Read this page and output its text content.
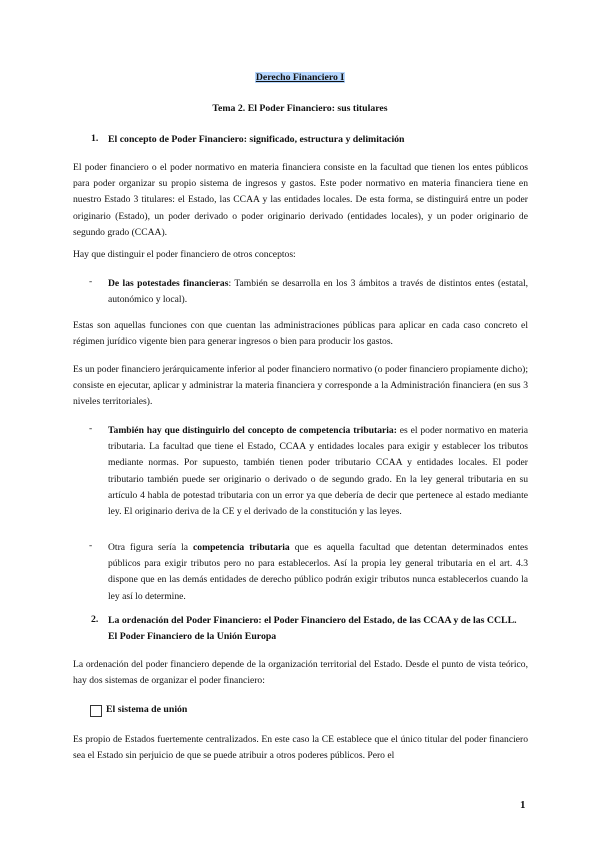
Derecho Financiero I
Tema 2. El Poder Financiero: sus titulares
1. El concepto de Poder Financiero: significado, estructura y delimitación

El poder financiero o el poder normativo en materia financiera consiste en la facultad que tienen los entes públicos para poder organizar su propio sistema de ingresos y gastos. Este poder normativo en materia financiera tiene en nuestro Estado 3 titulares: el Estado, las CCAA y las entidades locales. De esta forma, se distinguirá entre un poder originario (Estado), un poder derivado o poder originario derivado (entidades locales), y un poder originario de segundo grado (CCAA).

Hay que distinguir el poder financiero de otros conceptos:

- De las potestades financieras: También se desarrolla en los 3 ámbitos a través de distintos entes (estatal, autonómico y local).

Estas son aquellas funciones con que cuentan las administraciones públicas para aplicar en cada caso concreto el régimen jurídico vigente bien para generar ingresos o bien para producir los gastos.

Es un poder financiero jerárquicamente inferior al poder financiero normativo (o poder financiero propiamente dicho); consiste en ejecutar, aplicar y administrar la materia financiera y corresponde a la Administración financiera (en sus 3 niveles territoriales).

- También hay que distinguirlo del concepto de competencia tributaria: es el poder normativo en materia tributaria. La facultad que tiene el Estado, CCAA y entidades locales para exigir y establecer los tributos mediante normas. Por supuesto, también tienen poder tributario CCAA y entidades locales. El poder tributario también puede ser originario o derivado o de segundo grado. En la ley general tributaria en su artículo 4 habla de potestad tributaria con un error ya que debería de decir que pertenece al estado mediante ley. El originario deriva de la CE y el derivado de la constitución y las leyes.

- Otra figura sería la competencia tributaria que es aquella facultad que detentan determinados entes públicos para exigir tributos pero no para establecerlos. Así la propia ley general tributaria en el art. 4.3 dispone que en las demás entidades de derecho público podrán exigir tributos nunca establecerlos cuando la ley así lo determine.

2. La ordenación del Poder Financiero: el Poder Financiero del Estado, de las CCAA y de las CCLL. El Poder Financiero de la Unión Europa

La ordenación del poder financiero depende de la organización territorial del Estado. Desde el punto de vista teórico, hay dos sistemas de organizar el poder financiero:

El sistema de unión

Es propio de Estados fuertemente centralizados. En este caso la CE establece que el único titular del poder financiero sea el Estado sin perjuicio de que se puede atribuir a otros poderes públicos. Pero el

1
